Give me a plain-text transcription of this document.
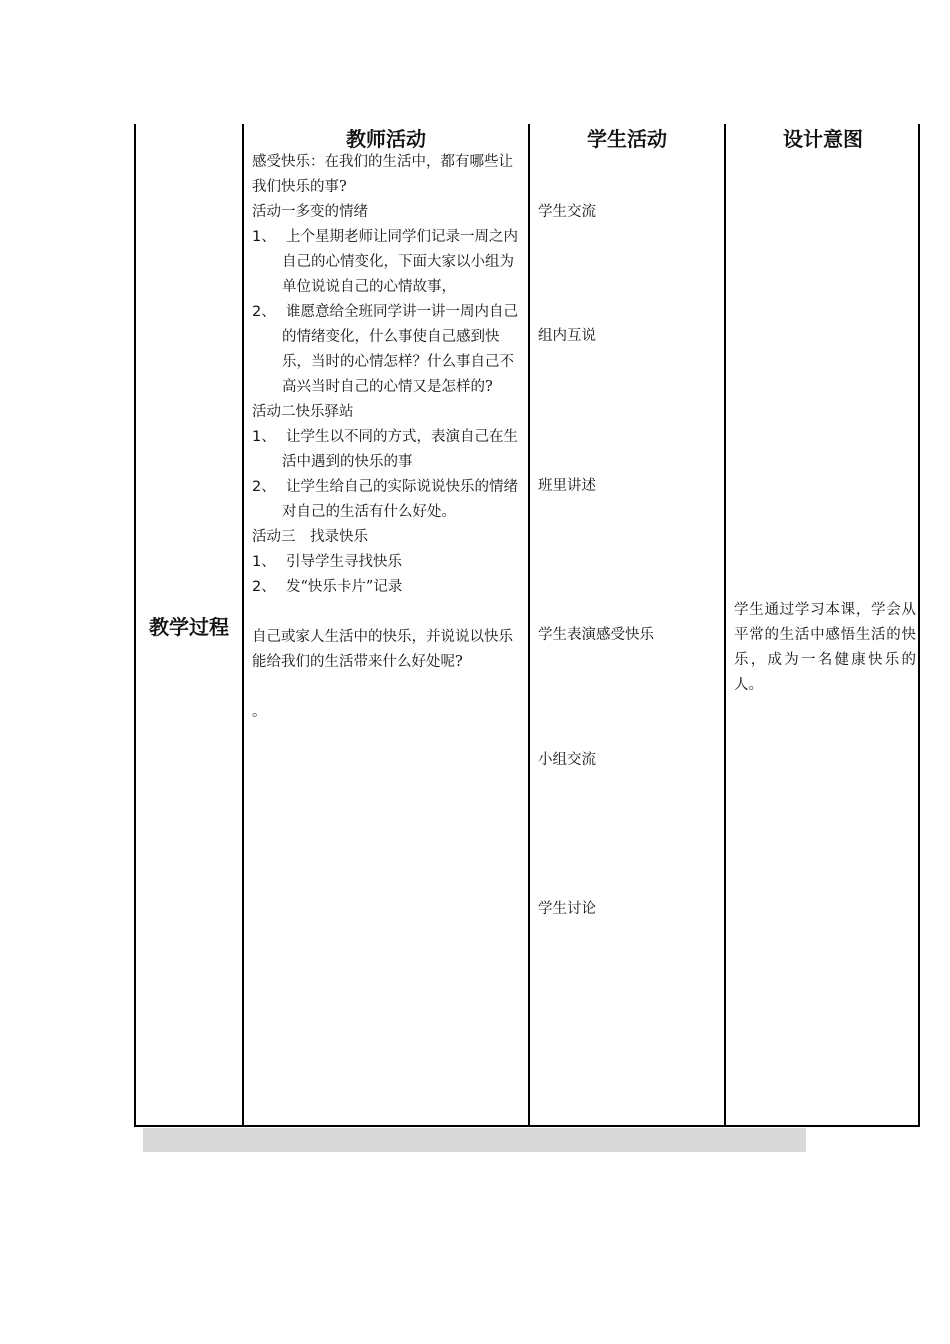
教师活动	学生活动	设计意图
教学过程
感受快乐：在我们的生活中，都有哪些让我们快乐的事?
活动一多变的情绪
1、 上个星期老师让同学们记录一周之内自己的心情变化，下面大家以小组为单位说说自己的心情故事，
2、 谁愿意给全班同学讲一讲一周内自己的情绪变化，什么事使自己感到快乐，当时的心情怎样？什么事自己不高兴当时自己的心情又是怎样的?
活动二快乐驿站
1、 让学生以不同的方式，表演自己在生活中遇到的快乐的事
2、 让学生给自己的实际说说快乐的情绪对自己的生活有什么好处。
活动三　找录快乐
1、 引导学生寻找快乐
2、 发“快乐卡片”记录
自己或家人生活中的快乐，并说说以快乐能给我们的生活带来什么好处呢?
。
学生交流
组内互说
班里讲述
学生表演感受快乐
小组交流
学生讨论
学生通过学习本课，学会从平常的生活中感悟生活的快乐，成为一名健康快乐的人。
